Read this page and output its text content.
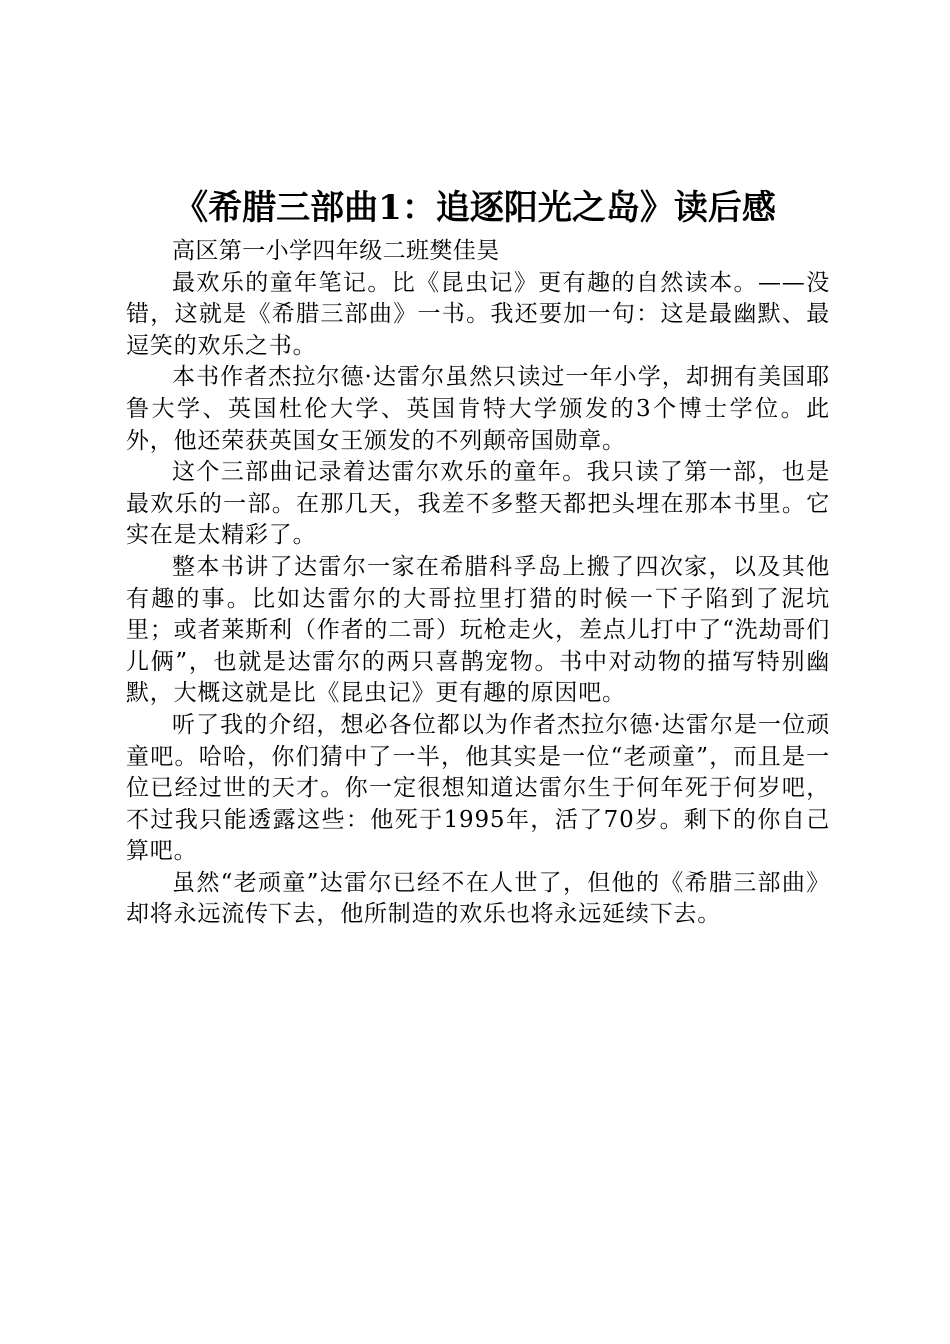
《希腊三部曲1：追逐阳光之岛》读后感

高区第一小学四年级二班樊佳昊

最欢乐的童年笔记。比《昆虫记》更有趣的自然读本。——没错，这就是《希腊三部曲》一书。我还要加一句：这是最幽默、最逗笑的欢乐之书。

本书作者杰拉尔德·达雷尔虽然只读过一年小学，却拥有美国耶鲁大学、英国杜伦大学、英国肯特大学颁发的3个博士学位。此外，他还荣获英国女王颁发的不列颠帝国勋章。

这个三部曲记录着达雷尔欢乐的童年。我只读了第一部，也是最欢乐的一部。在那几天，我差不多整天都把头埋在那本书里。它实在是太精彩了。

整本书讲了达雷尔一家在希腊科孚岛上搬了四次家，以及其他有趣的事。比如达雷尔的大哥拉里打猎的时候一下子陷到了泥坑里；或者莱斯利（作者的二哥）玩枪走火，差点儿打中了“洗劫哥们儿俩”，也就是达雷尔的两只喜鹊宠物。书中对动物的描写特别幽默，大概这就是比《昆虫记》更有趣的原因吧。

听了我的介绍，想必各位都以为作者杰拉尔德·达雷尔是一位顽童吧。哈哈，你们猜中了一半，他其实是一位“老顽童”，而且是一位已经过世的天才。你一定很想知道达雷尔生于何年死于何岁吧，不过我只能透露这些：他死于1995年，活了70岁。剩下的你自己算吧。

虽然“老顽童”达雷尔已经不在人世了，但他的《希腊三部曲》却将永远流传下去，他所制造的欢乐也将永远延续下去。
